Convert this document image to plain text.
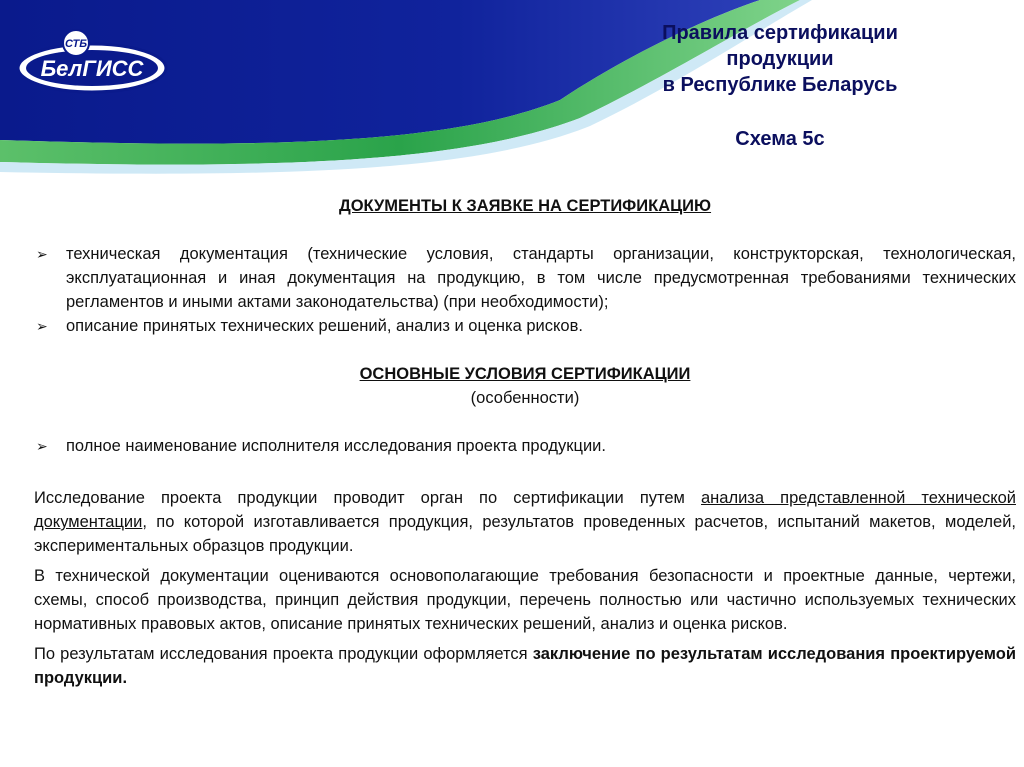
СТБ
БелГИСС
Правила сертификации
продукции
в Республике Беларусь
Схема 5с

ДОКУМЕНТЫ К ЗАЯВКЕ НА СЕРТИФИКАЦИЮ

➢ техническая документация (технические условия, стандарты организации, конструкторская, технологическая, эксплуатационная и иная документация на продукцию, в том числе предусмотренная требованиями технических регламентов и иными актами законодательства) (при необходимости);
➢ описание принятых технических решений, анализ и оценка рисков.

ОСНОВНЫЕ УСЛОВИЯ СЕРТИФИКАЦИИ

(особенности)

➢ полное наименование исполнителя исследования проекта продукции.

Исследование проекта продукции проводит орган по сертификации путем анализа представленной технической документации, по которой изготавливается продукция, результатов проведенных расчетов, испытаний макетов, моделей, экспериментальных образцов продукции.

В технической документации оцениваются основополагающие требования безопасности и проектные данные, чертежи, схемы, способ производства, принцип действия продукции, перечень полностью или частично используемых технических нормативных правовых актов, описание принятых технических решений, анализ и оценка рисков.

По результатам исследования проекта продукции оформляется заключение по результатам исследования проектируемой продукции.
